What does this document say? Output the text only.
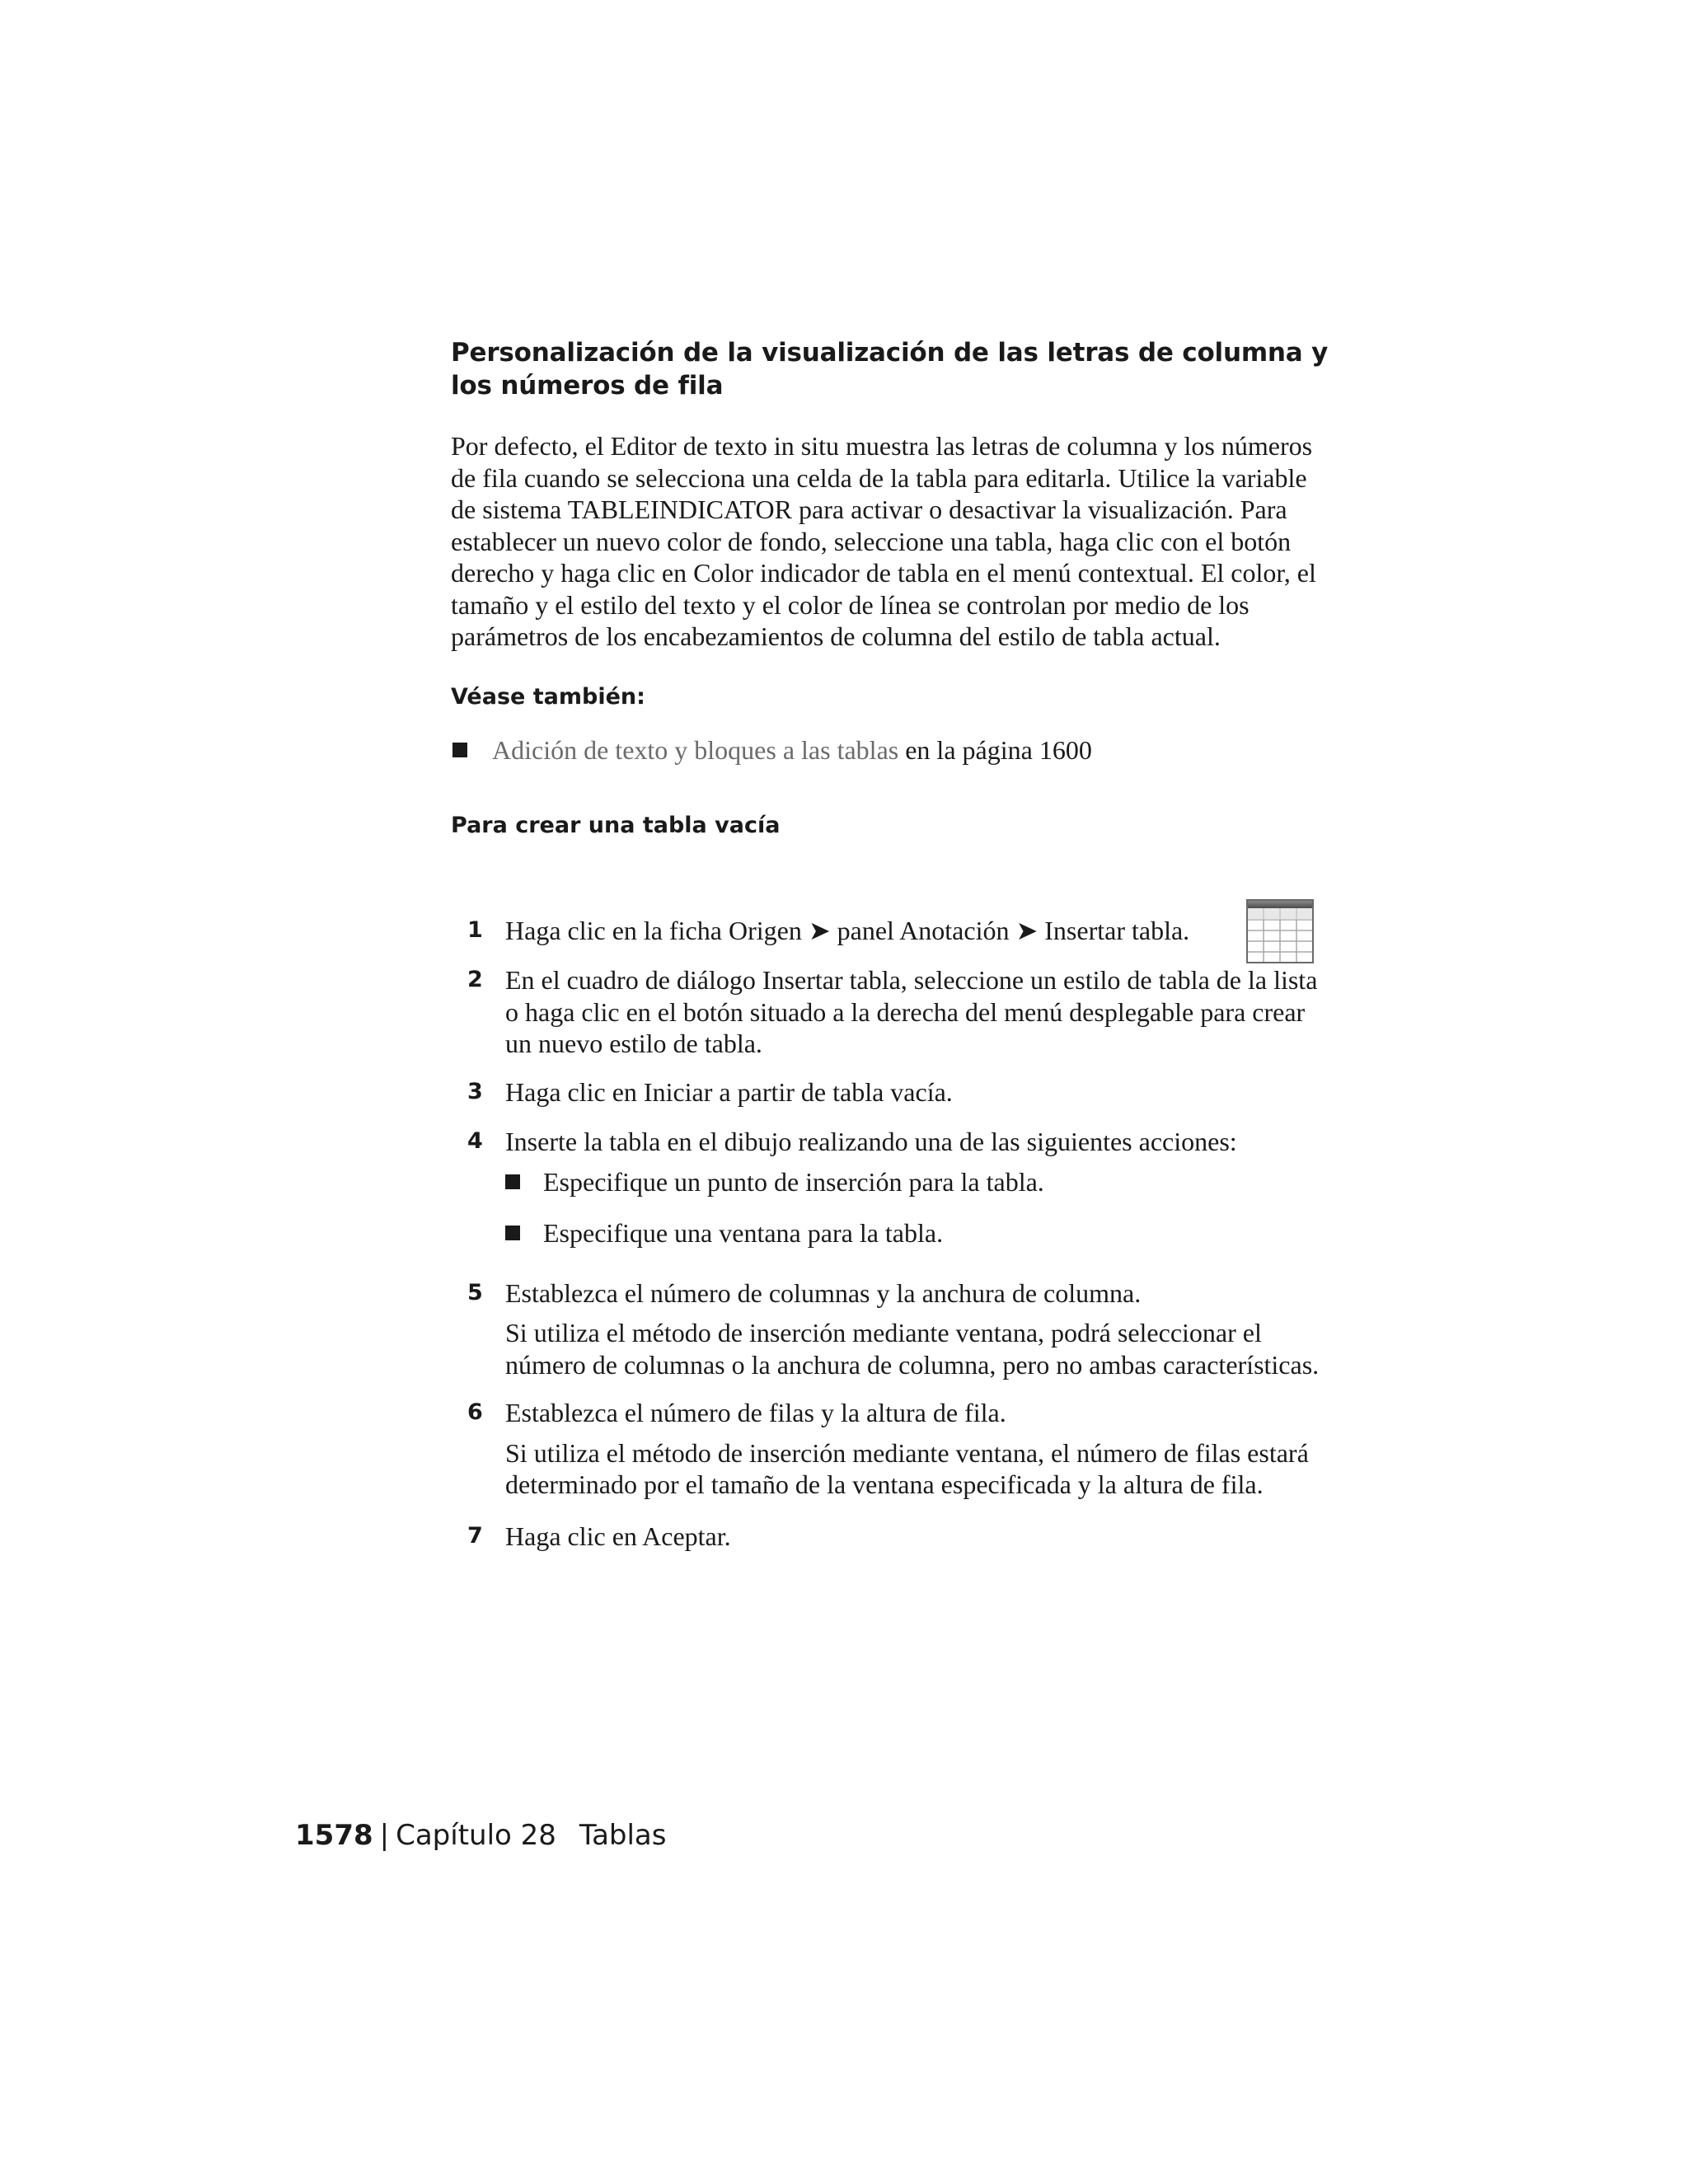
Personalización de la visualización de las letras de columna y los números de fila

Por defecto, el Editor de texto in situ muestra las letras de columna y los números de fila cuando se selecciona una celda de la tabla para editarla. Utilice la variable de sistema TABLEINDICATOR para activar o desactivar la visualización. Para establecer un nuevo color de fondo, seleccione una tabla, haga clic con el botón derecho y haga clic en Color indicador de tabla en el menú contextual. El color, el tamaño y el estilo del texto y el color de línea se controlan por medio de los parámetros de los encabezamientos de columna del estilo de tabla actual.

Véase también:
Adición de texto y bloques a las tablas en la página 1600
Para crear una tabla vacía
1 Haga clic en la ficha Origen ➤ panel Anotación ➤ Insertar tabla.
2 En el cuadro de diálogo Insertar tabla, seleccione un estilo de tabla de la lista o haga clic en el botón situado a la derecha del menú desplegable para crear un nuevo estilo de tabla.
3 Haga clic en Iniciar a partir de tabla vacía.
4 Inserte la tabla en el dibujo realizando una de las siguientes acciones:
Especifique un punto de inserción para la tabla.
Especifique una ventana para la tabla.
5 Establezca el número de columnas y la anchura de columna.
Si utiliza el método de inserción mediante ventana, podrá seleccionar el número de columnas o la anchura de columna, pero no ambas características.
6 Establezca el número de filas y la altura de fila.
Si utiliza el método de inserción mediante ventana, el número de filas estará determinado por el tamaño de la ventana especificada y la altura de fila.
7 Haga clic en Aceptar.
1578 | Capítulo 28 Tablas
